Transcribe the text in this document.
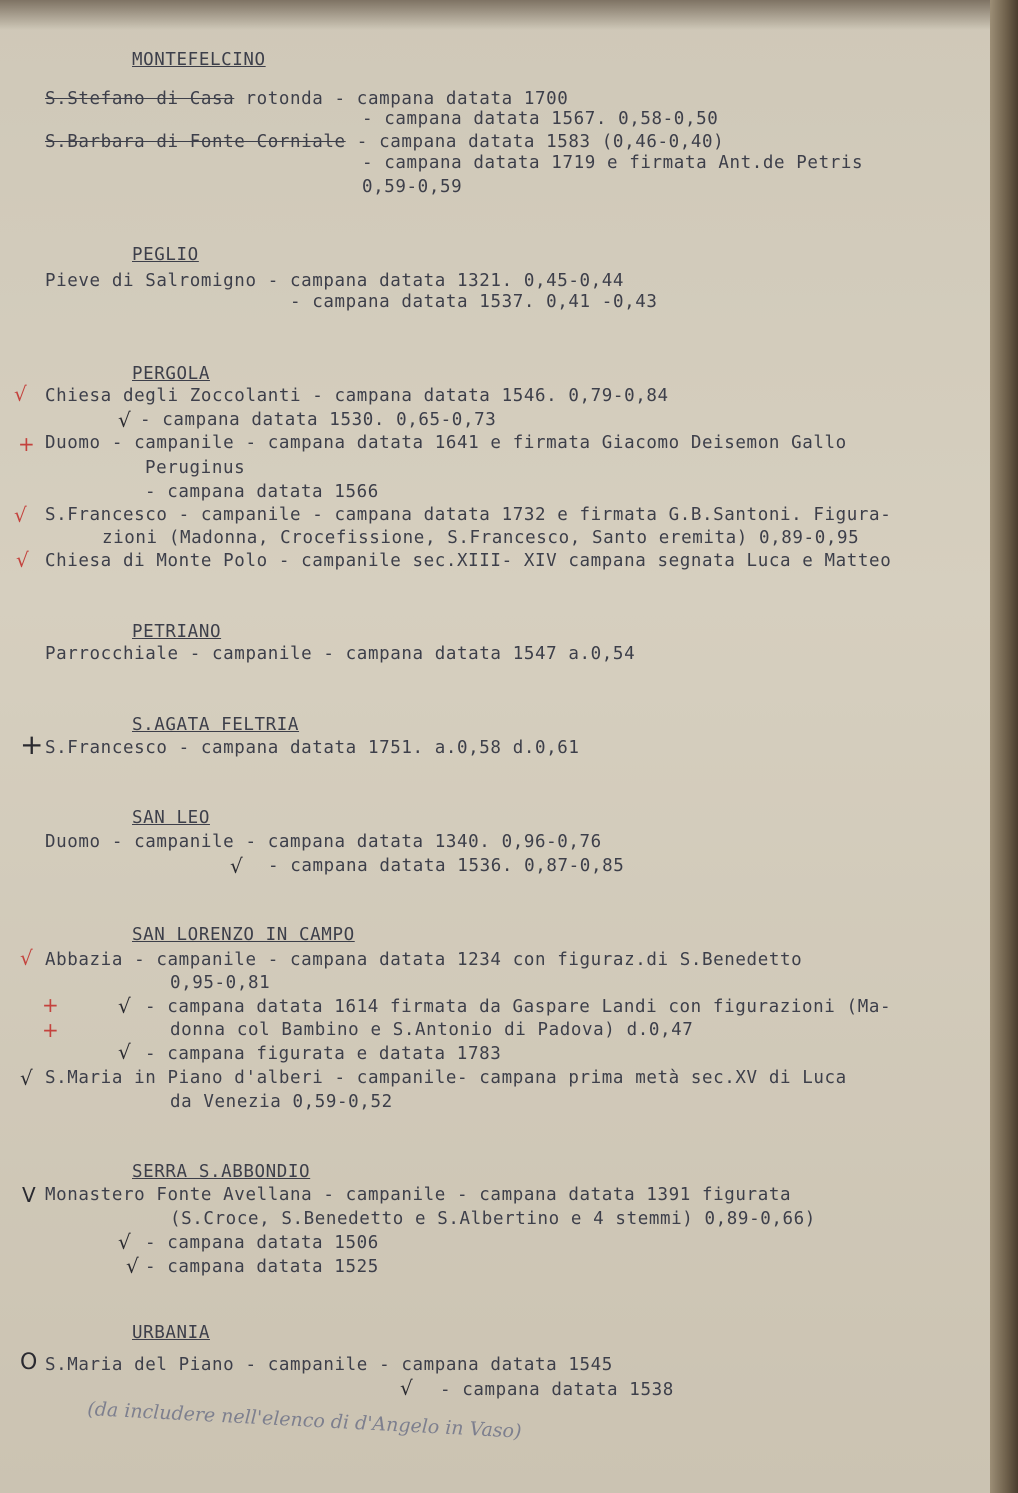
MONTEFELCINO
S.Stefano di Casa rotonda - campana datata 1700
- campana datata 1567. 0,58-0,50
S.Barbara di Fonte Corniale - campana datata 1583 (0,46-0,40)
- campana datata 1719 e firmata Ant.de Petris
0,59-0,59
PEGLIO
Pieve di Salromigno - campana datata 1321. 0,45-0,44
- campana datata 1537. 0,41 -0,43
PERGOLA
Chiesa degli Zoccolanti - campana datata 1546. 0,79-0,84
- campana datata 1530. 0,65-0,73
Duomo - campanile - campana datata 1641 e firmata Giacomo Deisemon Gallo
Peruginus
- campana datata 1566
S.Francesco - campanile - campana datata 1732 e firmata G.B.Santoni. Figura-
zioni (Madonna, Crocefissione, S.Francesco, Santo eremita) 0,89-0,95
Chiesa di Monte Polo - campanile sec.XIII- XIV campana segnata Luca e Matteo
PETRIANO
Parrocchiale - campanile - campana datata 1547 a.0,54
S.AGATA FELTRIA
S.Francesco - campana datata 1751. a.0,58 d.0,61
SAN LEO
Duomo - campanile - campana datata 1340. 0,96-0,76
- campana datata 1536. 0,87-0,85
SAN LORENZO IN CAMPO
Abbazia - campanile - campana datata 1234 con figuraz.di S.Benedetto
0,95-0,81
- campana datata 1614 firmata da Gaspare Landi con figurazioni (Ma-
donna col Bambino e S.Antonio di Padova) d.0,47
- campana figurata e datata 1783
S.Maria in Piano d'alberi - campanile- campana prima metà sec.XV di Luca
da Venezia 0,59-0,52
SERRA S.ABBONDIO
Monastero Fonte Avellana - campanile - campana datata 1391 figurata
(S.Croce, S.Benedetto e S.Albertino e 4 stemmi) 0,89-0,66)
- campana datata 1506
- campana datata 1525
URBANIA
S.Maria del Piano - campanile - campana datata 1545
- campana datata 1538
√
√
+
√
√
+
√
√
+	√
+
√
√
V
√
√
O
√
(da includere nell'elenco di d'Angelo in Vaso)
